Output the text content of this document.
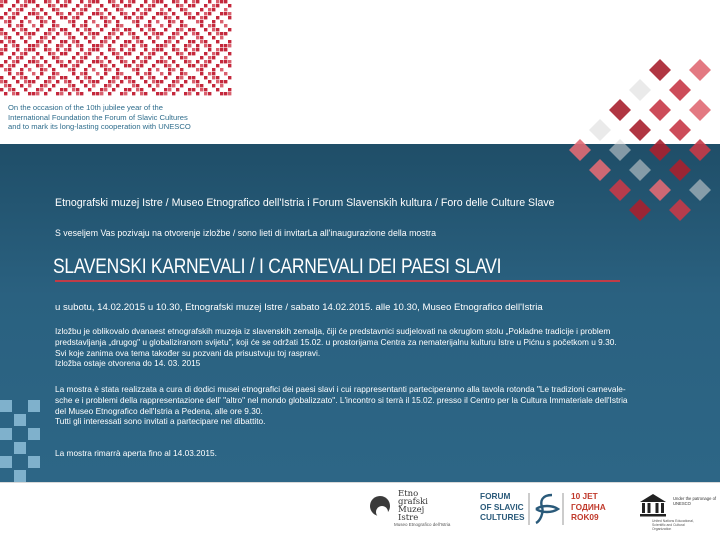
On the occasion of the 10th jubilee year of the
International Foundation the Forum of Slavic Cultures
and to mark its long-lasting cooperation with UNESCO
Etnografski muzej Istre / Museo Etnografico dell'Istria i Forum Slavenskih kultura / Foro delle Culture Slave
S veseljem Vas pozivaju na otvorenje izložbe / sono lieti di invitarLa all'inaugurazione della mostra
SLAVENSKI KARNEVALI / I CARNEVALI DEI PAESI SLAVI
u subotu, 14.02.2015 u 10.30, Etnografski muzej Istre / sabato 14.02.2015. alle 10.30, Museo Etnografico dell'Istria
Izložbu je oblikovalo dvanaest etnografskih muzeja iz slavenskih zemalja, čiji će predstavnici sudjelovati na okruglom stolu „Pokladne tradicije i problem
predstavljanja „drugog" u globaliziranom svijetu", koji će se održati 15.02. u prostorijama Centra za nematerijalnu kulturu Istre u Pićnu s početkom u 9.30.
Svi koje zanima ova tema također su pozvani da prisustvuju toj raspravi.
Izložba ostaje otvorena do 14. 03. 2015
La mostra è stata realizzata a cura di dodici musei etnografici dei paesi slavi i cui rappresentanti parteciperanno alla tavola rotonda "Le tradizioni carnevale-
sche e i problemi della rappresentazione dell' "altro" nel mondo globalizzato". L'incontro si terrà il 15.02. presso il Centro per la Cultura Immateriale dell'Istria
del Museo Etnografico dell'Istria a Pedena, alle ore 9.30.
Tutti gli interessati sono invitati a partecipare nel dibattito.
La mostra rimarrà aperta fino al 14.03.2015.
Etno
grafski
Muzej
Istre
Museo Etnografico dell'Istria
FORUM
OF SLAVIC
CULTURES
10 JET
ГОДИНА
ROK09
Under the patronage of
UNESCO
United Nations Educational, Scientific and Cultural Organization
